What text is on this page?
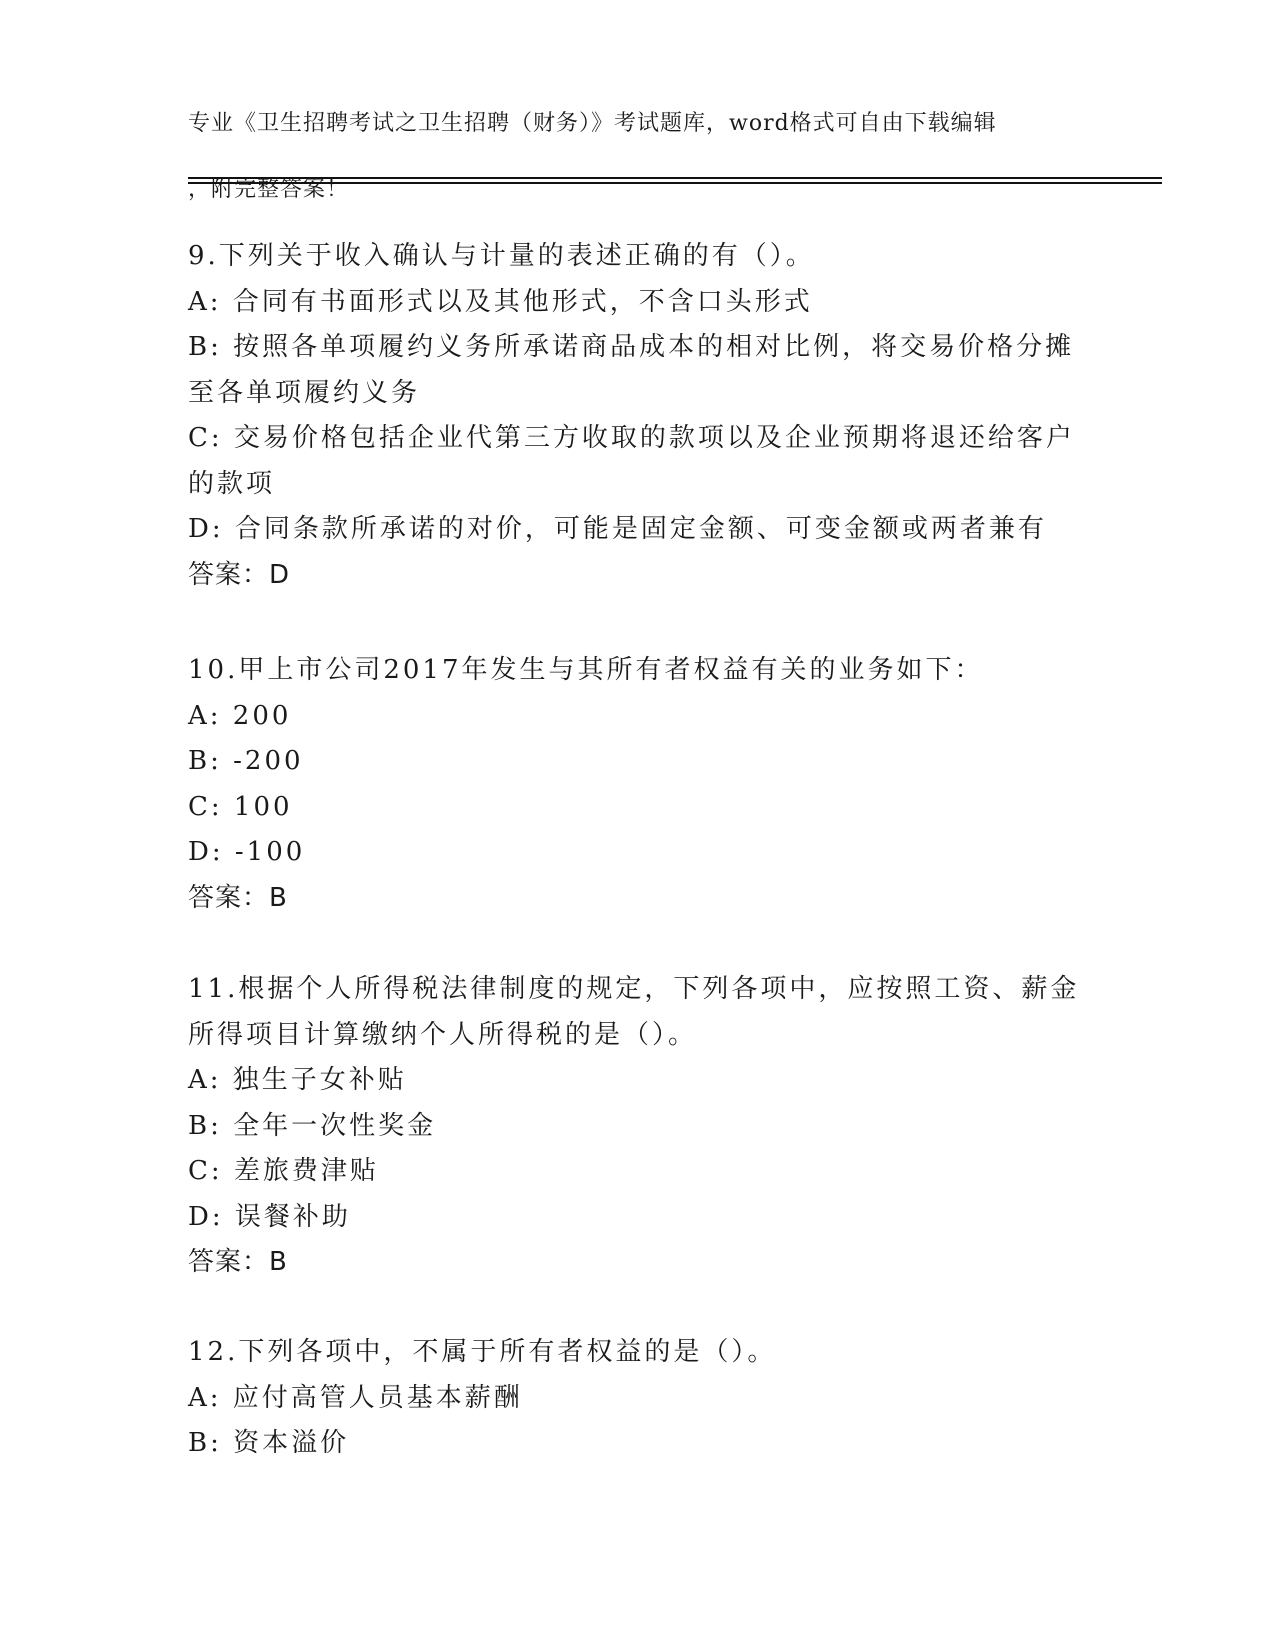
专业《卫生招聘考试之卫生招聘（财务）》考试题库，word格式可自由下载编辑

，附完整答案！

9.下列关于收入确认与计量的表述正确的有（）。
A: 合同有书面形式以及其他形式，不含口头形式
B: 按照各单项履约义务所承诺商品成本的相对比例，将交易价格分摊
至各单项履约义务
C: 交易价格包括企业代第三方收取的款项以及企业预期将退还给客户
的款项
D: 合同条款所承诺的对价，可能是固定金额、可变金额或两者兼有
答案：D
10.甲上市公司2017年发生与其所有者权益有关的业务如下：
A: 200
B: -200
C: 100
D: -100
答案：B
11.根据个人所得税法律制度的规定，下列各项中，应按照工资、薪金
所得项目计算缴纳个人所得税的是（）。
A: 独生子女补贴
B: 全年一次性奖金
C: 差旅费津贴
D: 误餐补助
答案：B
12.下列各项中，不属于所有者权益的是（）。
A: 应付高管人员基本薪酬
B: 资本溢价
